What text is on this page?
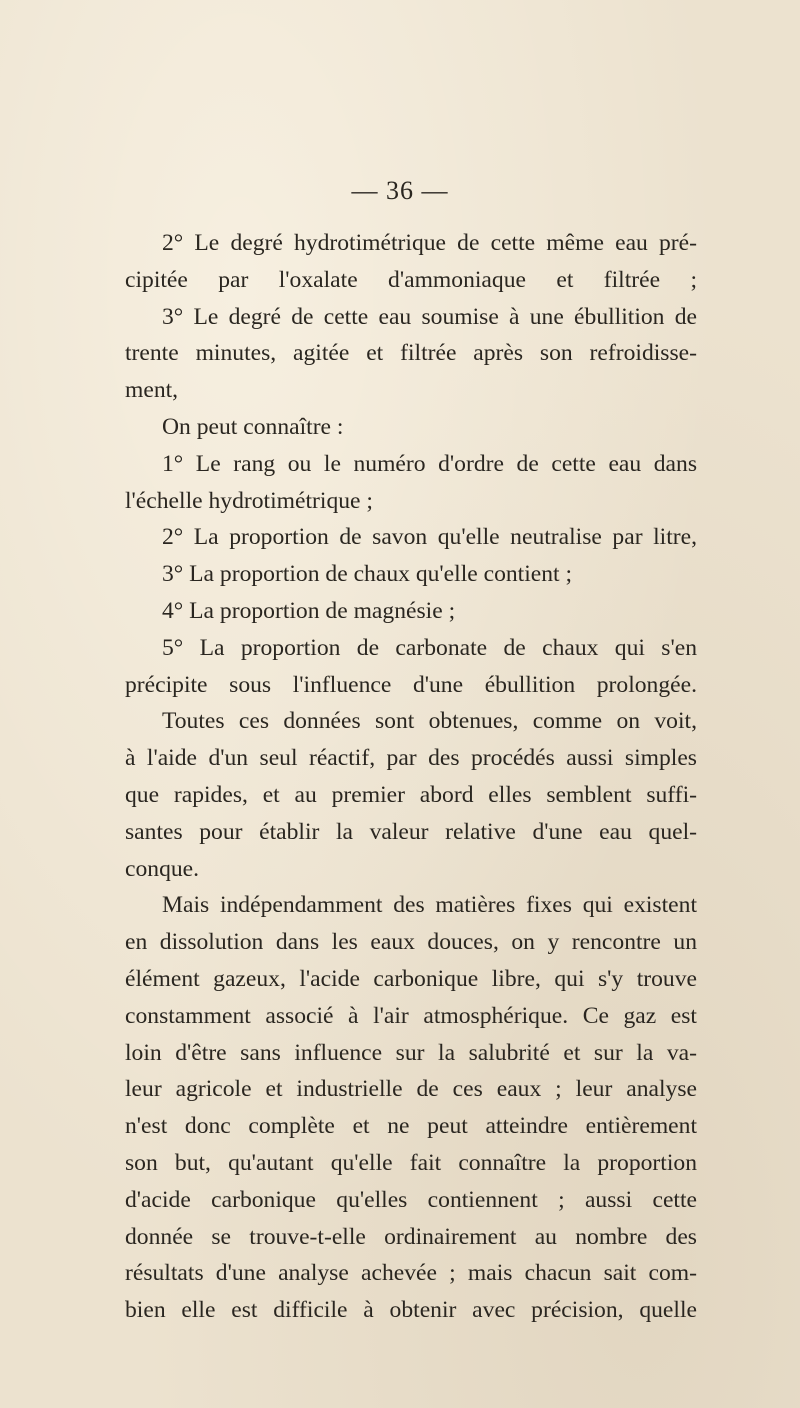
— 36 —
2° Le degré hydrotimétrique de cette même eau pré-
cipitée par l'oxalate d'ammoniaque et filtrée ;
3° Le degré de cette eau soumise à une ébullition de
trente minutes, agitée et filtrée après son refroidisse-
ment,
On peut connaître :
1° Le rang ou le numéro d'ordre de cette eau dans
l'échelle hydrotimétrique ;
2° La proportion de savon qu'elle neutralise par litre,
3° La proportion de chaux qu'elle contient ;
4° La proportion de magnésie ;
5° La proportion de carbonate de chaux qui s'en
précipite sous l'influence d'une ébullition prolongée.
Toutes ces données sont obtenues, comme on voit,
à l'aide d'un seul réactif, par des procédés aussi simples
que rapides, et au premier abord elles semblent suffi-
santes pour établir la valeur relative d'une eau quel-
conque.
Mais indépendamment des matières fixes qui existent
en dissolution dans les eaux douces, on y rencontre un
élément gazeux, l'acide carbonique libre, qui s'y trouve
constamment associé à l'air atmosphérique. Ce gaz est
loin d'être sans influence sur la salubrité et sur la va-
leur agricole et industrielle de ces eaux ; leur analyse
n'est donc complète et ne peut atteindre entièrement
son but, qu'autant qu'elle fait connaître la proportion
d'acide carbonique qu'elles contiennent ; aussi cette
donnée se trouve-t-elle ordinairement au nombre des
résultats d'une analyse achevée ; mais chacun sait com-
bien elle est difficile à obtenir avec précision, quelle
